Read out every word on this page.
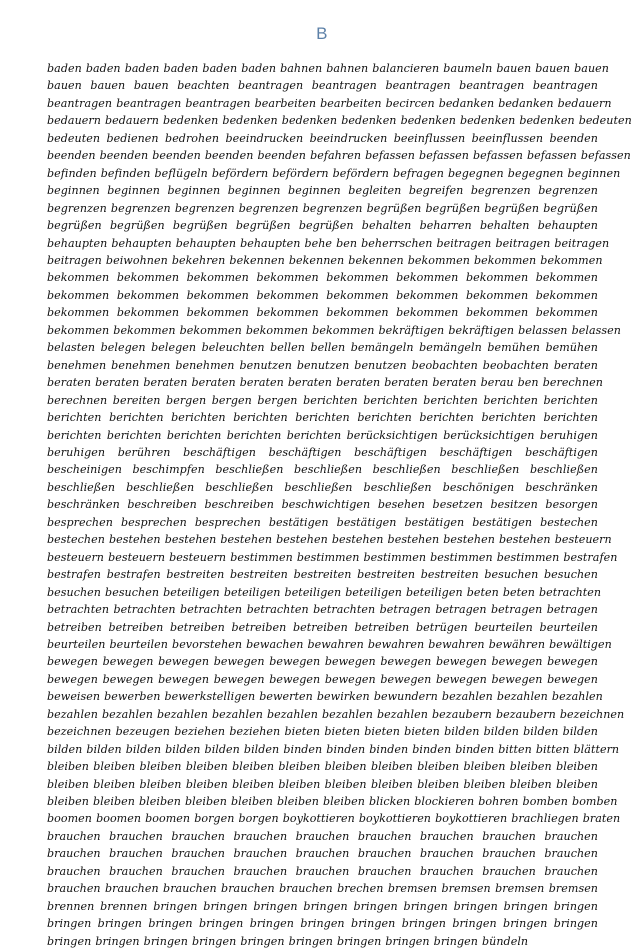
B
baden baden baden baden baden baden bahnen bahnen balancieren baumeln bauen bauen bauen
bauen bauen bauen beachten beantragen beantragen beantragen beantragen beantragen
beantragen beantragen beantragen bearbeiten bearbeiten becircen bedanken bedanken bedauern
bedauern bedauern bedenken bedenken bedenken bedenken bedenken bedenken bedenken bedeuten
bedeuten bedienen bedrohen beeindrucken beeindrucken beeinflussen beeinflussen beenden
beenden beenden beenden beenden beenden befahren befassen befassen befassen befassen befassen
befinden befinden beflügeln befördern befördern befördern befragen begegnen begegnen beginnen
beginnen beginnen beginnen beginnen beginnen begleiten begreifen begrenzen begrenzen
begrenzen begrenzen begrenzen begrenzen begrenzen begrüßen begrüßen begrüßen begrüßen
begrüßen begrüßen begrüßen begrüßen begrüßen behalten beharren behalten behaupten
behaupten behaupten behaupten behaupten behe ben beherrschen beitragen beitragen beitragen
beitragen beiwohnen bekehren bekennen bekennen bekennen bekommen bekommen bekommen
bekommen bekommen bekommen bekommen bekommen bekommen bekommen bekommen
bekommen bekommen bekommen bekommen bekommen bekommen bekommen bekommen
bekommen bekommen bekommen bekommen bekommen bekommen bekommen bekommen
bekommen bekommen bekommen bekommen bekommen bekräftigen bekräftigen belassen belassen
belasten belegen belegen beleuchten bellen bellen bemängeln bemängeln bemühen bemühen
benehmen benehmen benehmen benutzen benutzen benutzen beobachten beobachten beraten
beraten beraten beraten beraten beraten beraten beraten beraten beraten berau ben berechnen
berechnen bereiten bergen bergen bergen berichten berichten berichten berichten berichten
berichten berichten berichten berichten berichten berichten berichten berichten berichten
berichten berichten berichten berichten berichten berücksichtigen berücksichtigen beruhigen
beruhigen berühren beschäftigen beschäftigen beschäftigen beschäftigen beschäftigen
bescheinigen beschimpfen beschließen beschließen beschließen beschließen beschließen
beschließen beschließen beschließen beschließen beschließen beschönigen beschränken
beschränken beschreiben beschreiben beschwichtigen besehen besetzen besitzen besorgen
besprechen besprechen besprechen bestätigen bestätigen bestätigen bestätigen bestechen
bestechen bestehen bestehen bestehen bestehen bestehen bestehen bestehen bestehen besteuern
besteuern besteuern besteuern bestimmen bestimmen bestimmen bestimmen bestimmen bestrafen
bestrafen bestrafen bestreiten bestreiten bestreiten bestreiten bestreiten besuchen besuchen
besuchen besuchen beteiligen beteiligen beteiligen beteiligen beteiligen beten beten betrachten
betrachten betrachten betrachten betrachten betrachten betragen betragen betragen betragen
betreiben betreiben betreiben betreiben betreiben betreiben betrügen beurteilen beurteilen
beurteilen beurteilen bevorstehen bewachen bewahren bewahren bewahren bewähren bewältigen
bewegen bewegen bewegen bewegen bewegen bewegen bewegen bewegen bewegen bewegen
bewegen bewegen bewegen bewegen bewegen bewegen bewegen bewegen bewegen bewegen
beweisen bewerben bewerkstelligen bewerten bewirken bewundern bezahlen bezahlen bezahlen
bezahlen bezahlen bezahlen bezahlen bezahlen bezahlen bezahlen bezaubern bezaubern bezeichnen
bezeichnen bezeugen beziehen beziehen bieten bieten bieten bieten bilden bilden bilden bilden
bilden bilden bilden bilden bilden bilden binden binden binden binden binden bitten bitten blättern
bleiben bleiben bleiben bleiben bleiben bleiben bleiben bleiben bleiben bleiben bleiben bleiben
bleiben bleiben bleiben bleiben bleiben bleiben bleiben bleiben bleiben bleiben bleiben bleiben
bleiben bleiben bleiben bleiben bleiben bleiben bleiben blicken blockieren bohren bomben bomben
boomen boomen boomen borgen borgen boykottieren boykottieren boykottieren brachliegen braten
brauchen brauchen brauchen brauchen brauchen brauchen brauchen brauchen brauchen
brauchen brauchen brauchen brauchen brauchen brauchen brauchen brauchen brauchen
brauchen brauchen brauchen brauchen brauchen brauchen brauchen brauchen brauchen
brauchen brauchen brauchen brauchen brauchen brechen bremsen bremsen bremsen bremsen
brennen brennen bringen bringen bringen bringen bringen bringen bringen bringen bringen
bringen bringen bringen bringen bringen bringen bringen bringen bringen bringen bringen
bringen bringen bringen bringen bringen bringen bringen bringen bringen bündeln
